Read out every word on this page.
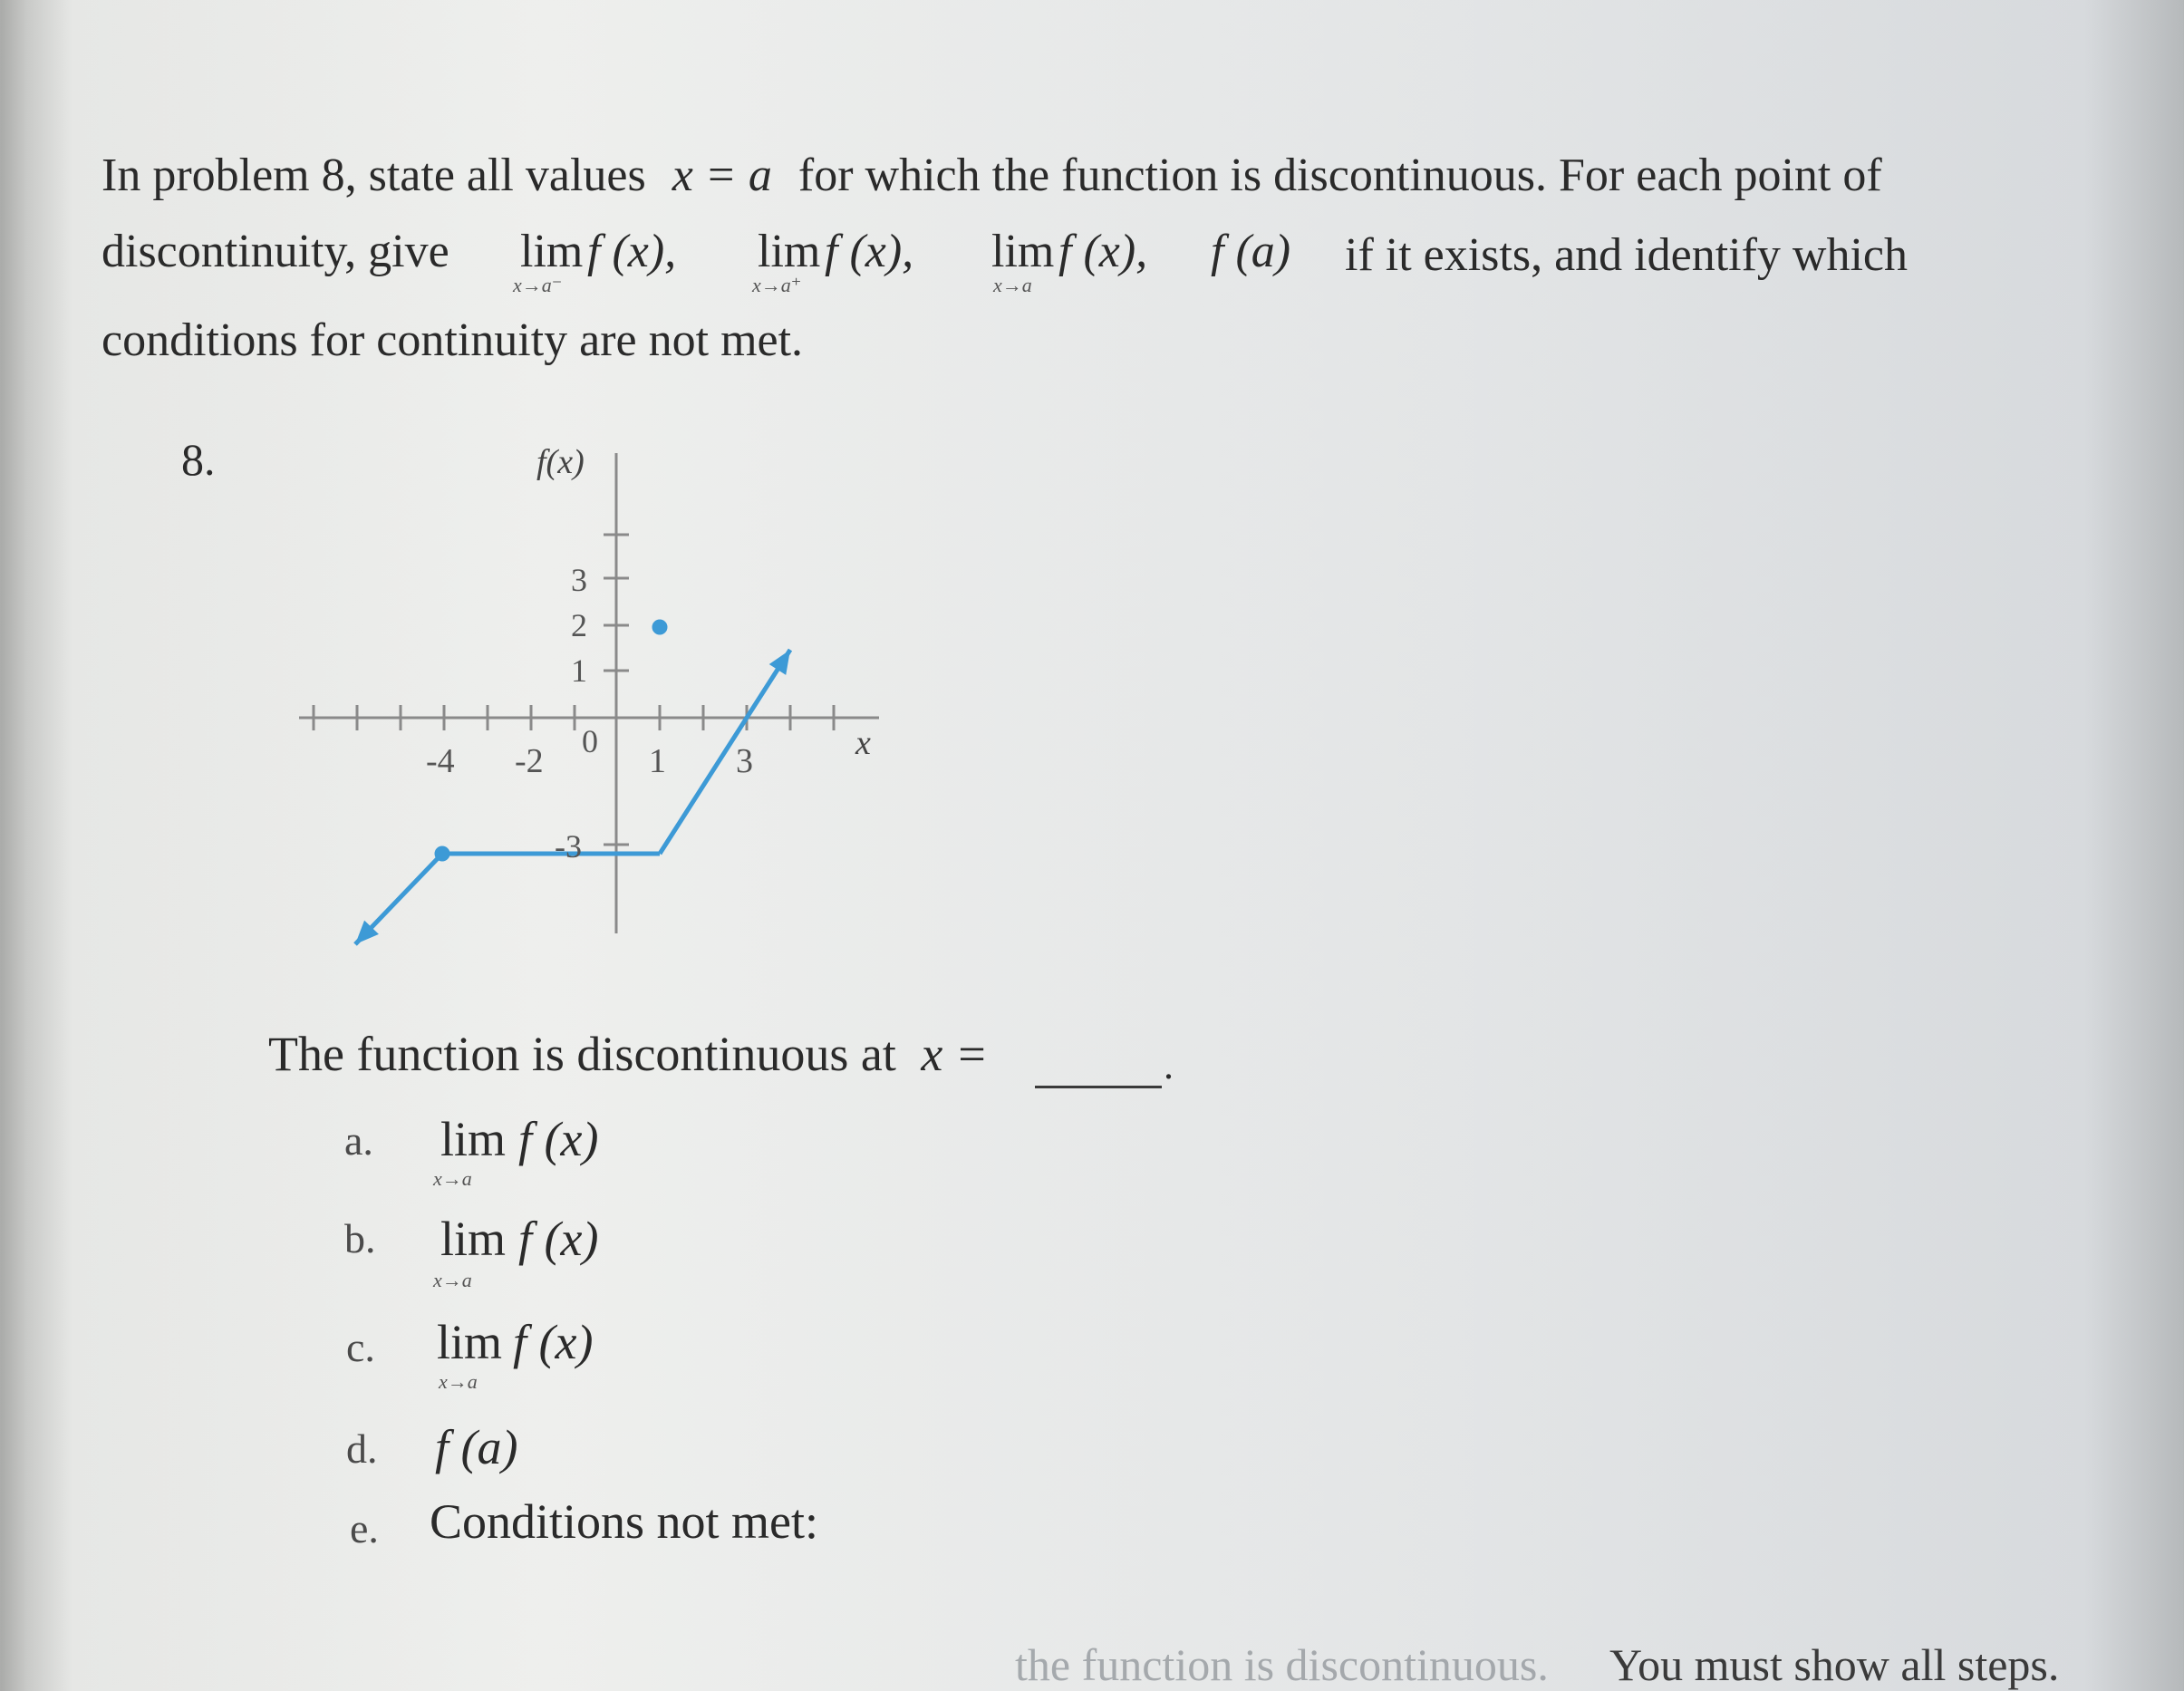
In problem 8, state all values x = a for which the function is discontinuous. For each point of
discontinuity, give lim
x→a⁻
f (x), lim
x→a⁺
f (x), lim
x→a
f (x), f (a) if it exists, and identify which
conditions for continuity are not met.
8.
-4 -2
0
1 3
3
2
1
-3
f(x)
x
The function is discontinuous at x =	.
a. lim
x→a
f (x)
b. lim
x→a
f (x)
c. lim
x→a
f (x)
d. f (a)
e. Conditions not met:
the function is discontinuous. You must show all steps.
